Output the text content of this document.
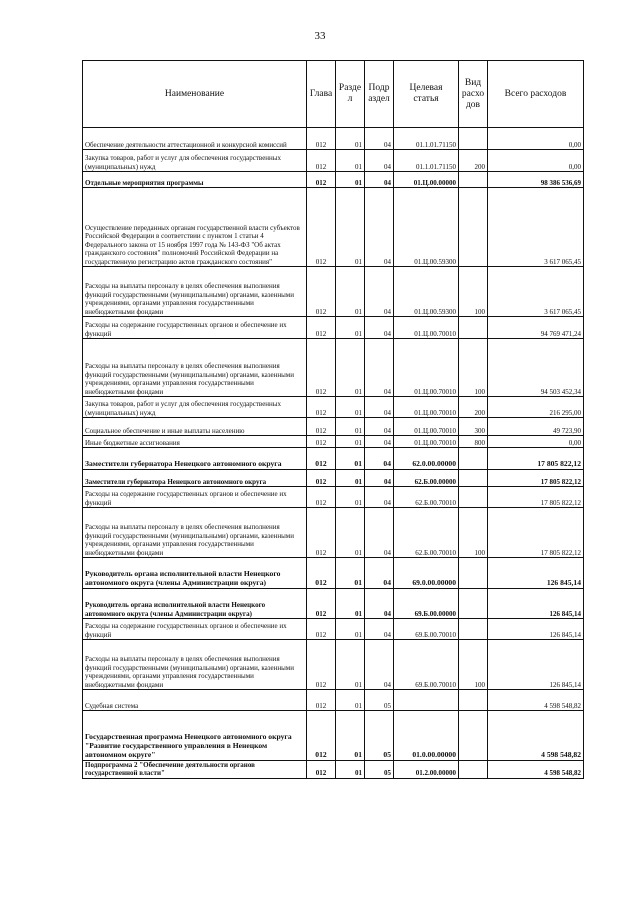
33
Наименование	Глава	Разде л	Подр аздел	Целевая статья	Вид расхо дов	Всего расходов
Обеспечение деятельности аттестационной и конкурсной комиссий	012	01	04	01.1.01.71150		0,00
Закупка товаров, работ и услуг для обеспечения государственных (муниципальных) нужд	012	01	04	01.1.01.71150	200	0,00
Отдельные мероприятия программы	012	01	04	01.Ц.00.00000		98 386 536,69
Осуществление переданных органам государственной власти субъектов Российской Федерации в соответствии с пунктом 1 статьи 4 Федерального закона от 15 ноября 1997 года № 143-ФЗ "Об актах гражданского состояния" полномочий Российской Федерации на государственную регистрацию актов гражданского состояния"	012	01	04	01.Ц.00.59300		3 617 065,45
Расходы на выплаты персоналу в целях обеспечения выполнения функций государственными (муниципальными) органами, казенными учреждениями, органами управления государственными внебюджетными фондами	012	01	04	01.Ц.00.59300	100	3 617 065,45
Расходы на содержание государственных органов и обеспечение их функций	012	01	04	01.Ц.00.70010		94 769 471,24
Расходы на выплаты персоналу в целях обеспечения выполнения функций государственными (муниципальными) органами, казенными учреждениями, органами управления государственными внебюджетными фондами	012	01	04	01.Ц.00.70010	100	94 503 452,34
Закупка товаров, работ и услуг для обеспечения государственных (муниципальных) нужд	012	01	04	01.Ц.00.70010	200	216 295,00
Социальное обеспечение и иные выплаты населению	012	01	04	01.Ц.00.70010	300	49 723,90
Иные бюджетные ассигнования	012	01	04	01.Ц.00.70010	800	0,00
Заместители губернатора Ненецкого автономного округа	012	01	04	62.0.00.00000		17 805 822,12
Заместители губернатора Ненецкого автономного округа	012	01	04	62.Б.00.00000		17 805 822,12
Расходы на содержание государственных органов и обеспечение их функций	012	01	04	62.Б.00.70010		17 805 822,12
Расходы на выплаты персоналу в целях обеспечения выполнения функций государственными (муниципальными) органами, казенными учреждениями, органами управления государственными внебюджетными фондами	012	01	04	62.Б.00.70010	100	17 805 822,12
Руководитель органа исполнительной власти Ненецкого автономного округа (члены Администрации округа)	012	01	04	69.0.00.00000		126 845,14
Руководитель органа исполнительной власти Ненецкого автономного округа (члены Администрации округа)	012	01	04	69.Б.00.00000		126 845,14
Расходы на содержание государственных органов и обеспечение их функций	012	01	04	69.Б.00.70010		126 845,14
Расходы на выплаты персоналу в целях обеспечения выполнения функций государственными (муниципальными) органами, казенными учреждениями, органами управления государственными внебюджетными фондами	012	01	04	69.Б.00.70010	100	126 845,14
Судебная система	012	01	05			4 598 548,82
Государственная программа Ненецкого автономного округа "Развитие государственного управления в Ненецком автономном округе"	012	01	05	01.0.00.00000		4 598 548,82
Подпрограмма 2 "Обеспечение деятельности органов государственной власти"	012	01	05	01.2.00.00000		4 598 548,82
